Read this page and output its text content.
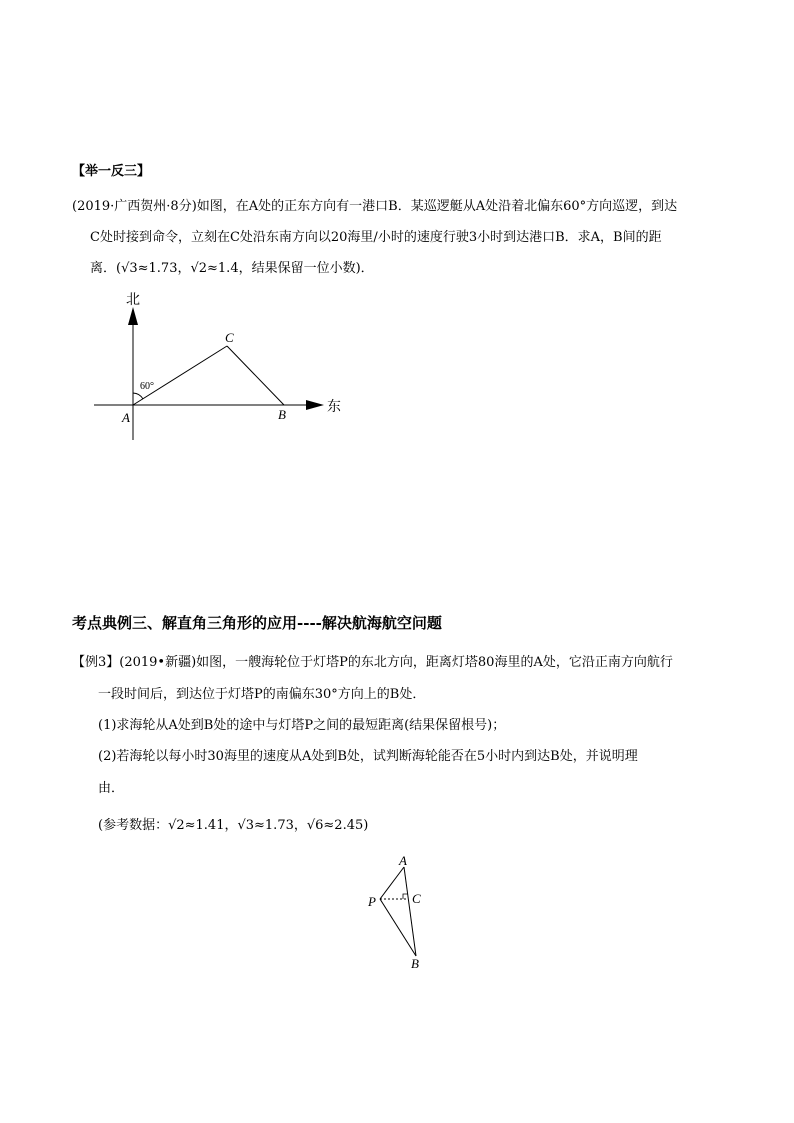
【举一反三】
(2019·广西贺州·8分)如图，在A处的正东方向有一港口B．某巡逻艇从A处沿着北偏东60°方向巡逻，到达
C处时接到命令，立刻在C处沿东南方向以20海里/小时的速度行驶3小时到达港口B．求A，B间的距
离．(√3≈1.73，√2≈1.4，结果保留一位小数)．
北
东
60°
A	B
C
考点典例三、解直角三角形的应用----解决航海航空问题
【例3】(2019•新疆)如图，一艘海轮位于灯塔P的东北方向，距离灯塔80海里的A处，它沿正南方向航行
一段时间后，到达位于灯塔P的南偏东30°方向上的B处．
(1)求海轮从A处到B处的途中与灯塔P之间的最短距离(结果保留根号)；
(2)若海轮以每小时30海里的速度从A处到B处，试判断海轮能否在5小时内到达B处，并说明理
由．
(参考数据：√2≈1.41，√3≈1.73，√6≈2.45)
A
P	C
B
